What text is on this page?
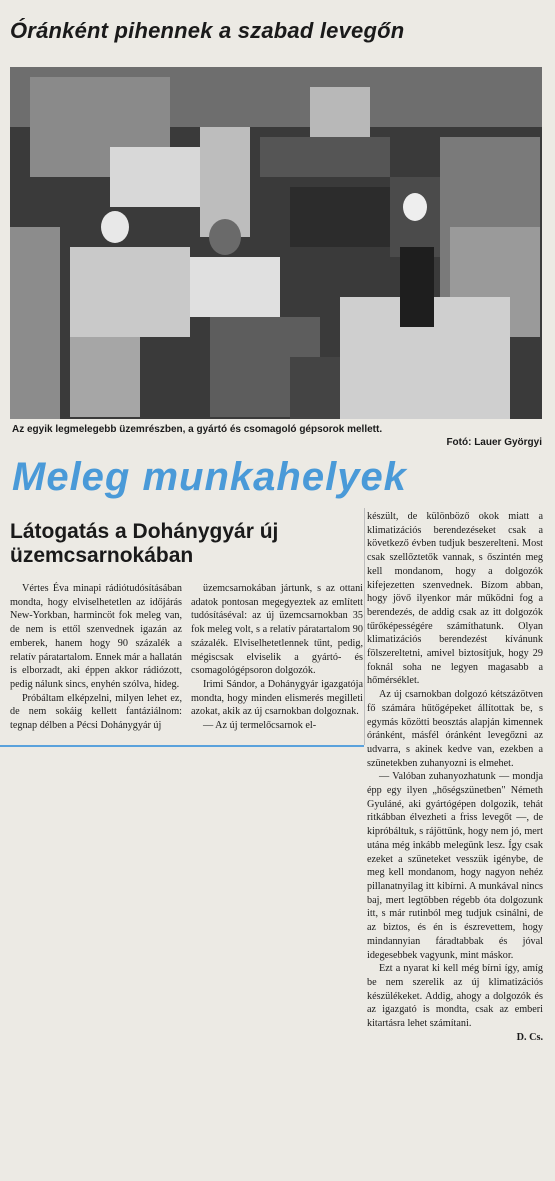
Óránként pihennek a szabad levegőn
Az egyik legmelegebb üzemrészben, a gyártó és csomagoló gépsorok mellett.
Fotó: Lauer Györgyi
Meleg munkahelyek
Látogatás a Dohánygyár új üzemcsarnokában

Vértes Éva minapi rádiótudósításában mondta, hogy elviselhetetlen az időjárás New-Yorkban, harmincöt fok meleg van, de nem is ettől szenvednek igazán az emberek, hanem hogy 90 százalék a relatív páratartalom. Ennek már a hallatán is elborzadt, aki éppen akkor rádiózott, pedig nálunk sincs, enyhén szólva, hideg.

Próbáltam elképzelni, milyen lehet ez, de nem sokáig kellett fantáziálnom: tegnap délben a Pécsi Dohánygyár új

üzemcsarnokában jártunk, s az ottani adatok pontosan megegyeztek az említett tudósításéval: az új üzemcsarnokban 35 fok meleg volt, s a relatív páratartalom 90 százalék. Elviselhetetlennek tűnt, pedig, mégiscsak elviselik a gyártó- és csomagológépsoron dolgozók.

Irimi Sándor, a Dohánygyár igazgatója mondta, hogy minden elismerés megilleti azokat, akik az új csarnokban dolgoznak.

— Az új termelőcsarnok el-

készült, de különböző okok miatt a klimatizációs berendezéseket csak a következő évben tudjuk beszerelteni. Most csak szellőztetők vannak, s őszintén meg kell mondanom, hogy a dolgozók kifejezetten szenvednek. Bízom abban, hogy jövő ilyenkor már működni fog a berendezés, de addig csak az itt dolgozók tűrőképességére számíthatunk. Olyan klimatizációs berendezést kívánunk fölszereltetni, amivel biztosítjuk, hogy 29 foknál soha ne legyen magasabb a hőmérséklet.

Az új csarnokban dolgozó kétszázötven fő számára hűtőgépeket állítottak be, s egymás közötti beosztás alapján kimennek óránként, másfél óránként levegőzni az udvarra, s akinek kedve van, ezekben a szünetekben zuhanyozni is elmehet.

— Valóban zuhanyozhatunk — mondja épp egy ilyen „hőségszünetben" Németh Gyuláné, aki gyártógépen dolgozik, tehát ritkábban élvezheti a friss levegőt —, de kipróbáltuk, s rájöttünk, hogy nem jó, mert utána még inkább melegünk lesz. Így csak ezeket a szüneteket vesszük igénybe, de meg kell mondanom, hogy nagyon nehéz pillanatnyilag itt kibírni. A munkával nincs baj, mert legtöbben régebb óta dolgozunk itt, s már rutinból meg tudjuk csinálni, de az biztos, és én is észrevettem, hogy mindannyian fáradtabbak és jóval idegesebbek vagyunk, mint máskor.

Ezt a nyarat ki kell még bírni így, amíg be nem szerelik az új klimatizációs készülékeket. Addig, ahogy a dolgozók és az igazgató is mondta, csak az emberi kitartásra lehet számítani.

D. Cs.
